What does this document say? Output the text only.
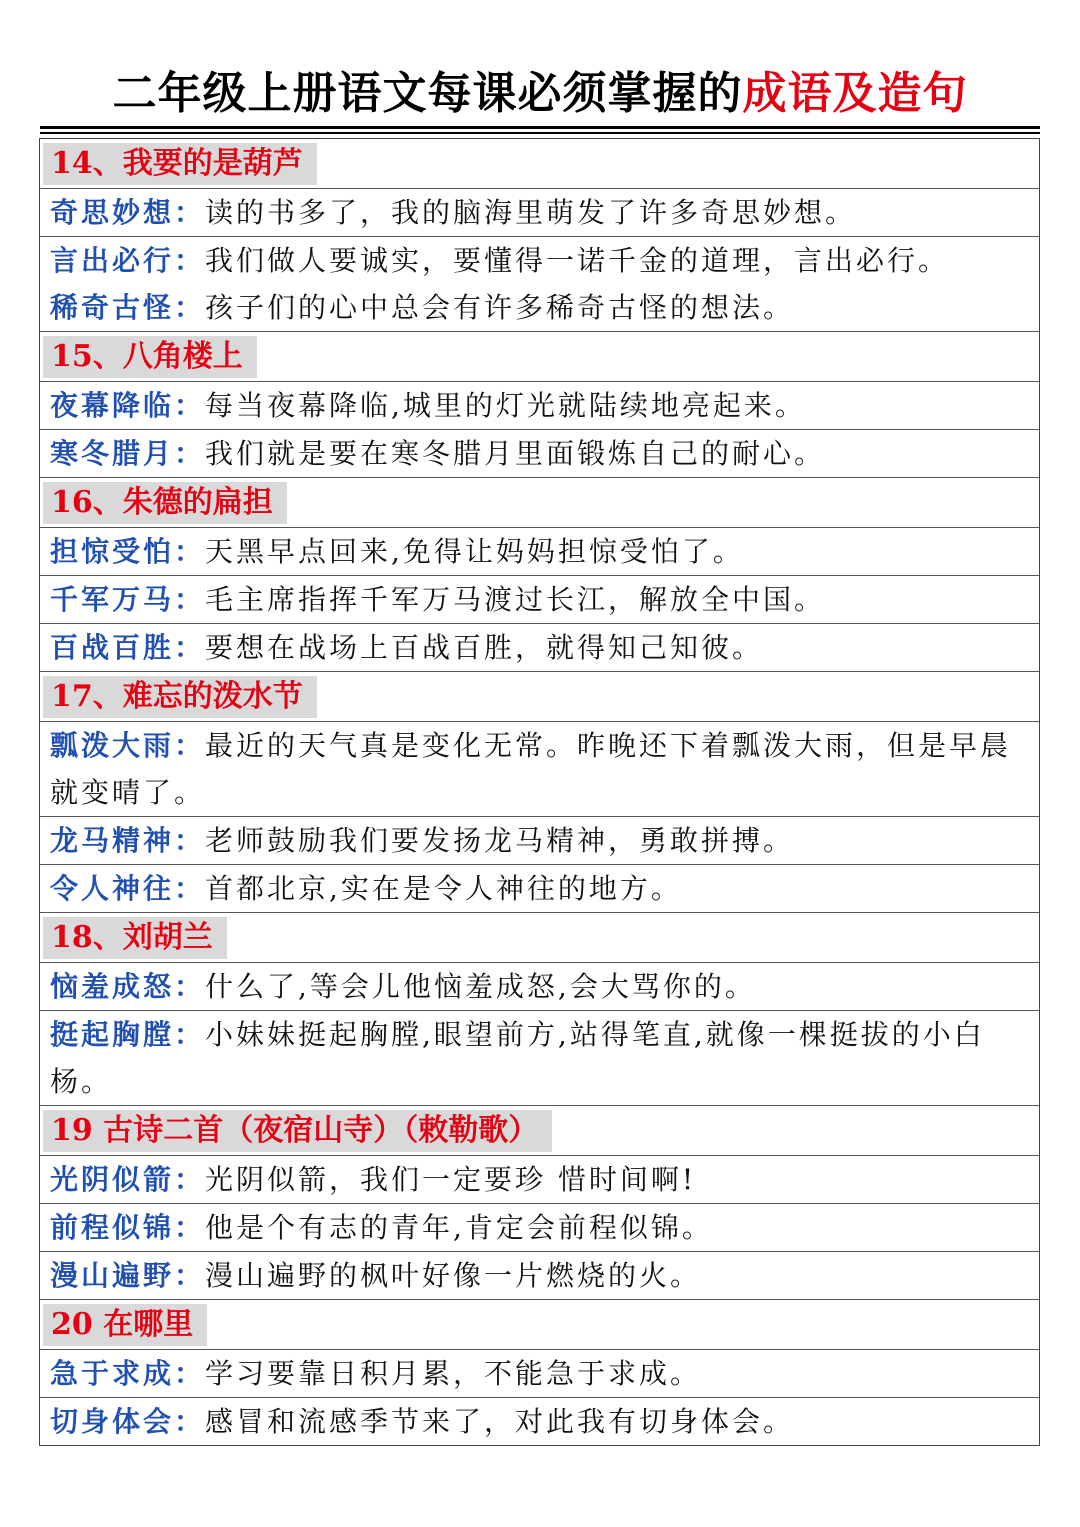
二年级上册语文每课必须掌握的成语及造句
14、我要的是葫芦
奇思妙想：读的书多了，我的脑海里萌发了许多奇思妙想。
言出必行：我们做人要诚实，要懂得一诺千金的道理，言出必行。
稀奇古怪：孩子们的心中总会有许多稀奇古怪的想法。
15、八角楼上
夜幕降临：每当夜幕降临,城里的灯光就陆续地亮起来。
寒冬腊月：我们就是要在寒冬腊月里面锻炼自己的耐心。
16、朱德的扁担
担惊受怕：天黑早点回来,免得让妈妈担惊受怕了。
千军万马：毛主席指挥千军万马渡过长江，解放全中国。
百战百胜：要想在战场上百战百胜，就得知己知彼。
17、难忘的泼水节
瓢泼大雨：最近的天气真是变化无常。昨晚还下着瓢泼大雨，但是早晨就变晴了。
龙马精神：老师鼓励我们要发扬龙马精神，勇敢拼搏。
令人神往：首都北京,实在是令人神往的地方。
18、刘胡兰
恼羞成怒：什么了,等会儿他恼羞成怒,会大骂你的。
挺起胸膛：小妹妹挺起胸膛,眼望前方,站得笔直,就像一棵挺拔的小白杨。
19 古诗二首（夜宿山寺）（敕勒歌）
光阴似箭：光阴似箭，我们一定要珍 惜时间啊!
前程似锦：他是个有志的青年,肯定会前程似锦。
漫山遍野：漫山遍野的枫叶好像一片燃烧的火。
20 在哪里
急于求成：学习要靠日积月累，不能急于求成。
切身体会：感冒和流感季节来了，对此我有切身体会。
